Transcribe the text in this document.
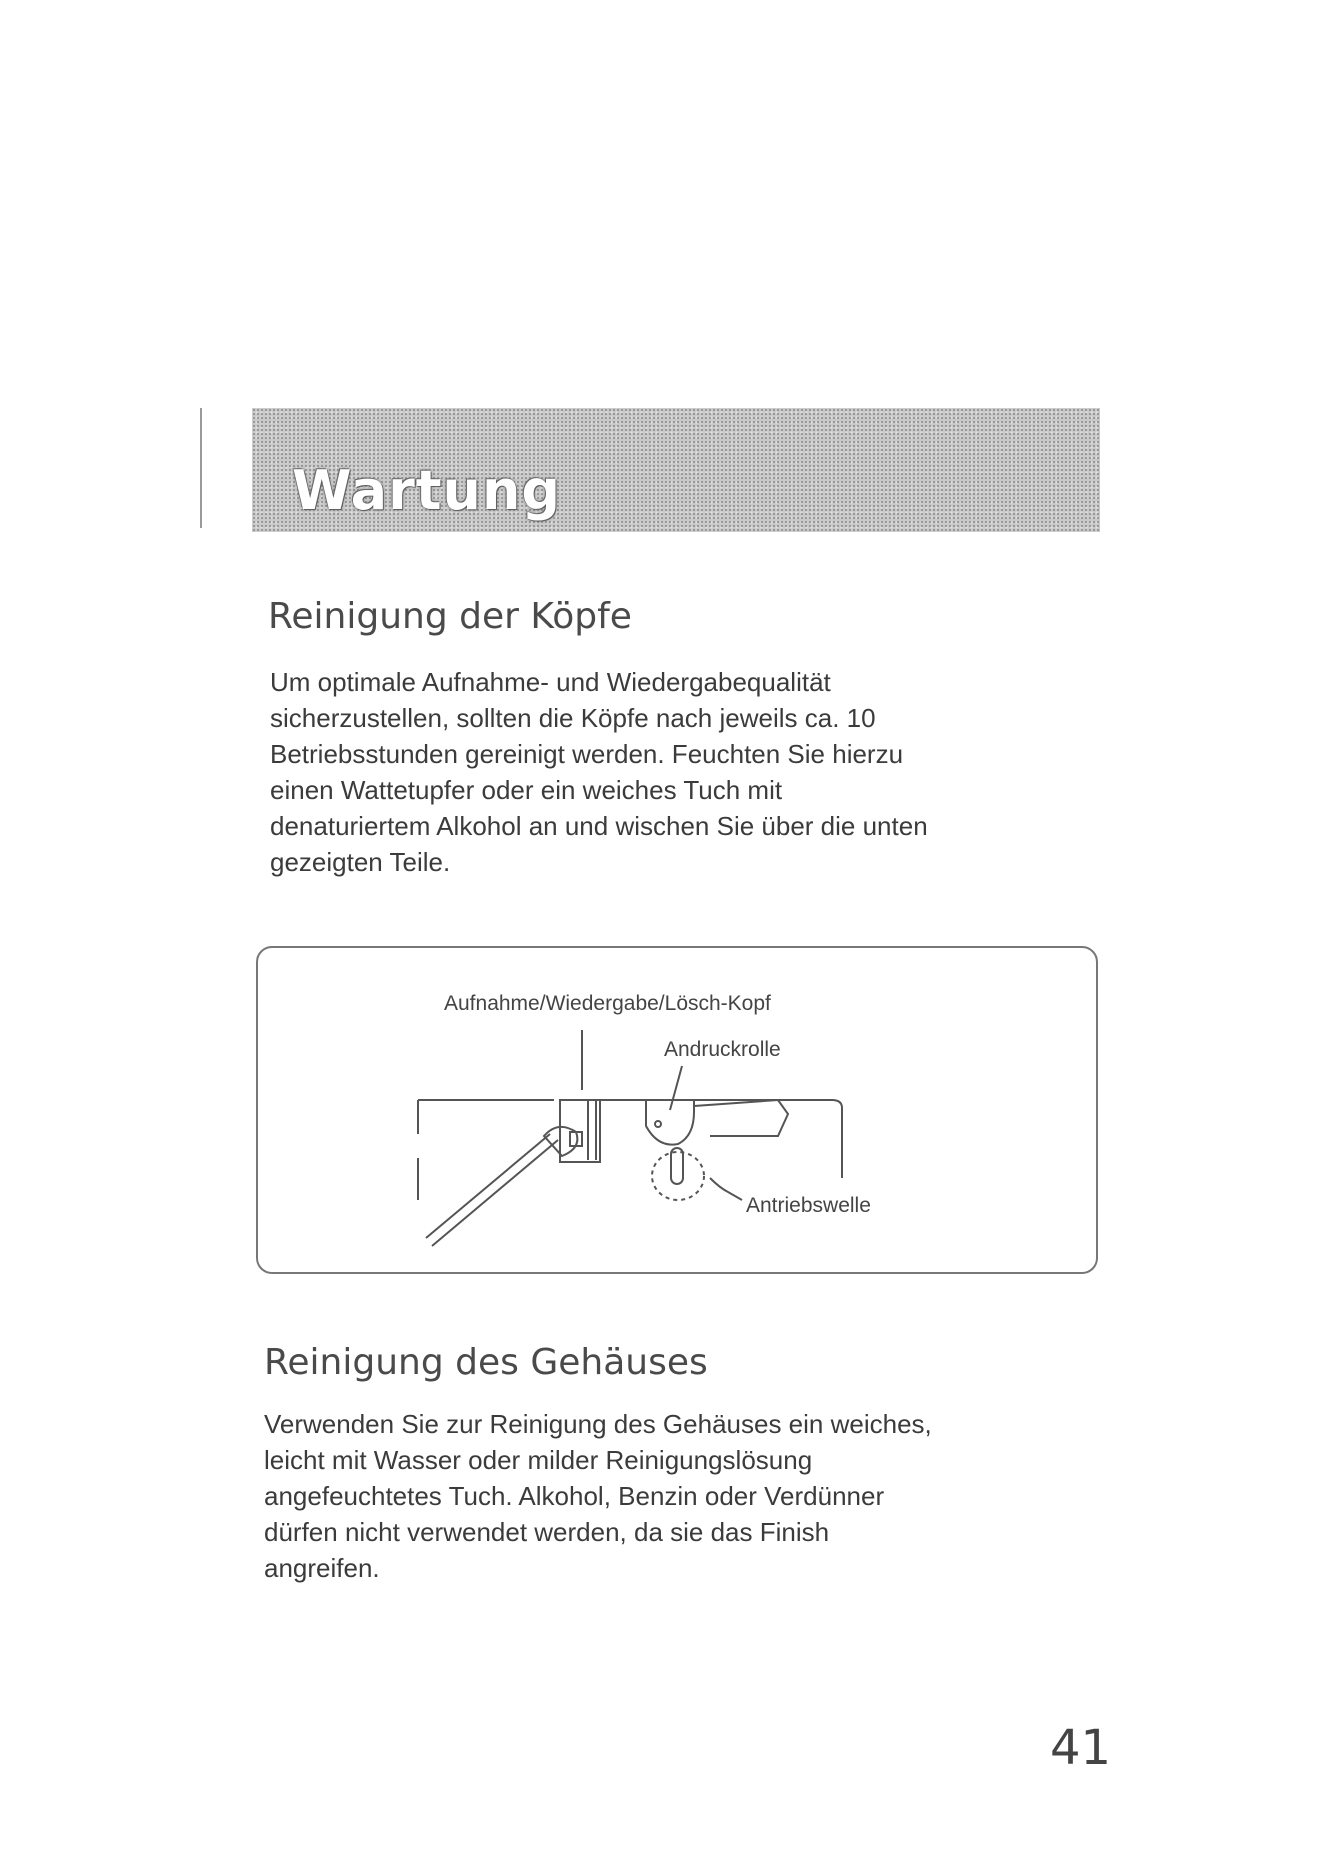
Wartung
Reinigung der Köpfe

Um optimale Aufnahme- und Wiedergabequalität
sicherzustellen, sollten die Köpfe nach jeweils ca. 10
Betriebsstunden gereinigt werden. Feuchten Sie hierzu
einen Wattetupfer oder ein weiches Tuch mit
denaturiertem Alkohol an und wischen Sie über die unten
gezeigten Teile.

Aufnahme/Wiedergabe/Lösch-Kopf
Andruckrolle
Antriebswelle
Reinigung des Gehäuses

Verwenden Sie zur Reinigung des Gehäuses ein weiches,
leicht mit Wasser oder milder Reinigungslösung
angefeuchtetes Tuch. Alkohol, Benzin oder Verdünner
dürfen nicht verwendet werden, da sie das Finish
angreifen.

41
